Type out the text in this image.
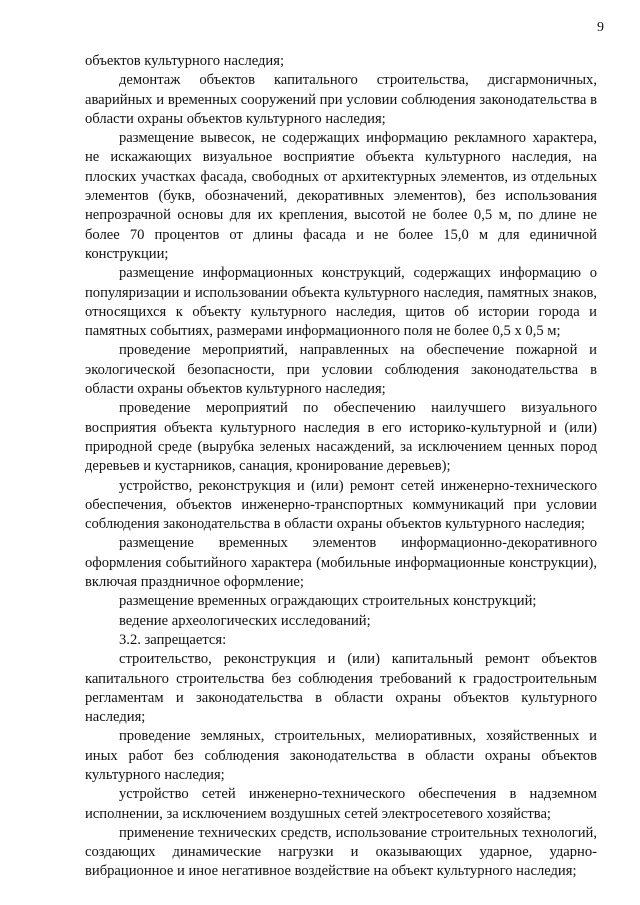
9

объектов культурного наследия;

демонтаж объектов капитального строительства, дисгармоничных, аварийных и временных сооружений при условии соблюдения законодательства в области охраны объектов культурного наследия;

размещение вывесок, не содержащих информацию рекламного характера, не искажающих визуальное восприятие объекта культурного наследия, на плоских участках фасада, свободных от архитектурных элементов, из отдельных элементов (букв, обозначений, декоративных элементов), без использования непрозрачной основы для их крепления, высотой не более 0,5 м, по длине не более 70 процентов от длины фасада и не более 15,0 м для единичной конструкции;

размещение информационных конструкций, содержащих информацию о популяризации и использовании объекта культурного наследия, памятных знаков, относящихся к объекту культурного наследия, щитов об истории города и памятных событиях, размерами информационного поля не более 0,5 х 0,5 м;

проведение мероприятий, направленных на обеспечение пожарной и экологической безопасности, при условии соблюдения законодательства в области охраны объектов культурного наследия;

проведение мероприятий по обеспечению наилучшего визуального восприятия объекта культурного наследия в его историко-культурной и (или) природной среде (вырубка зеленых насаждений, за исключением ценных пород деревьев и кустарников, санация, кронирование деревьев);

устройство, реконструкция и (или) ремонт сетей инженерно-технического обеспечения, объектов инженерно-транспортных коммуникаций при условии соблюдения законодательства в области охраны объектов культурного наследия;

размещение временных элементов информационно-декоративного оформления событийного характера (мобильные информационные конструкции), включая праздничное оформление;

размещение временных ограждающих строительных конструкций;

ведение археологических исследований;

3.2. запрещается:

строительство, реконструкция и (или) капитальный ремонт объектов капитального строительства без соблюдения требований к градостроительным регламентам и законодательства в области охраны объектов культурного наследия;

проведение земляных, строительных, мелиоративных, хозяйственных и иных работ без соблюдения законодательства в области охраны объектов культурного наследия;

устройство сетей инженерно-технического обеспечения в надземном исполнении, за исключением воздушных сетей электросетевого хозяйства;

применение технических средств, использование строительных технологий, создающих динамические нагрузки и оказывающих ударное, ударно-вибрационное и иное негативное воздействие на объект культурного наследия;
